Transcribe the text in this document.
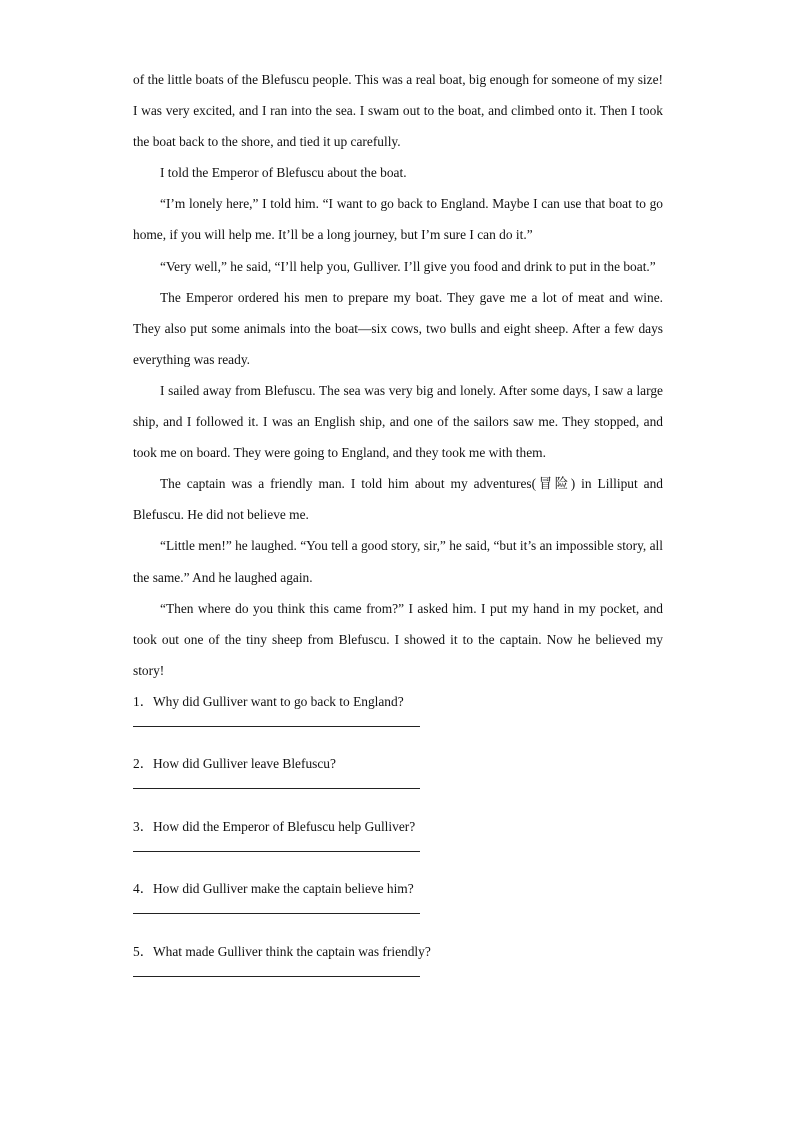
of the little boats of the Blefuscu people. This was a real boat, big enough for someone of my size! I was very excited, and I ran into the sea. I swam out to the boat, and climbed onto it. Then I took the boat back to the shore, and tied it up carefully.

I told the Emperor of Blefuscu about the boat.

“I’m lonely here,” I told him. “I want to go back to England. Maybe I can use that boat to go home, if you will help me. It’ll be a long journey, but I’m sure I can do it.”

“Very well,” he said, “I’ll help you, Gulliver. I’ll give you food and drink to put in the boat.”

The Emperor ordered his men to prepare my boat. They gave me a lot of meat and wine. They also put some animals into the boat—six cows, two bulls and eight sheep. After a few days everything was ready.

I sailed away from Blefuscu. The sea was very big and lonely. After some days, I saw a large ship, and I followed it. I was an English ship, and one of the sailors saw me. They stopped, and took me on board. They were going to England, and they took me with them.

The captain was a friendly man. I told him about my adventures(冒险) in Lilliput and Blefuscu. He did not believe me.

“Little men!” he laughed. “You tell a good story, sir,” he said, “but it’s an impossible story, all the same.” And he laughed again.

“Then where do you think this came from?” I asked him. I put my hand in my pocket, and took out one of the tiny sheep from Blefuscu. I showed it to the captain. Now he believed my story!

1．Why did Gulliver want to go back to England?

2．How did Gulliver leave Blefuscu?

3．How did the Emperor of Blefuscu help Gulliver?

4．How did Gulliver make the captain believe him?

5．What made Gulliver think the captain was friendly?
